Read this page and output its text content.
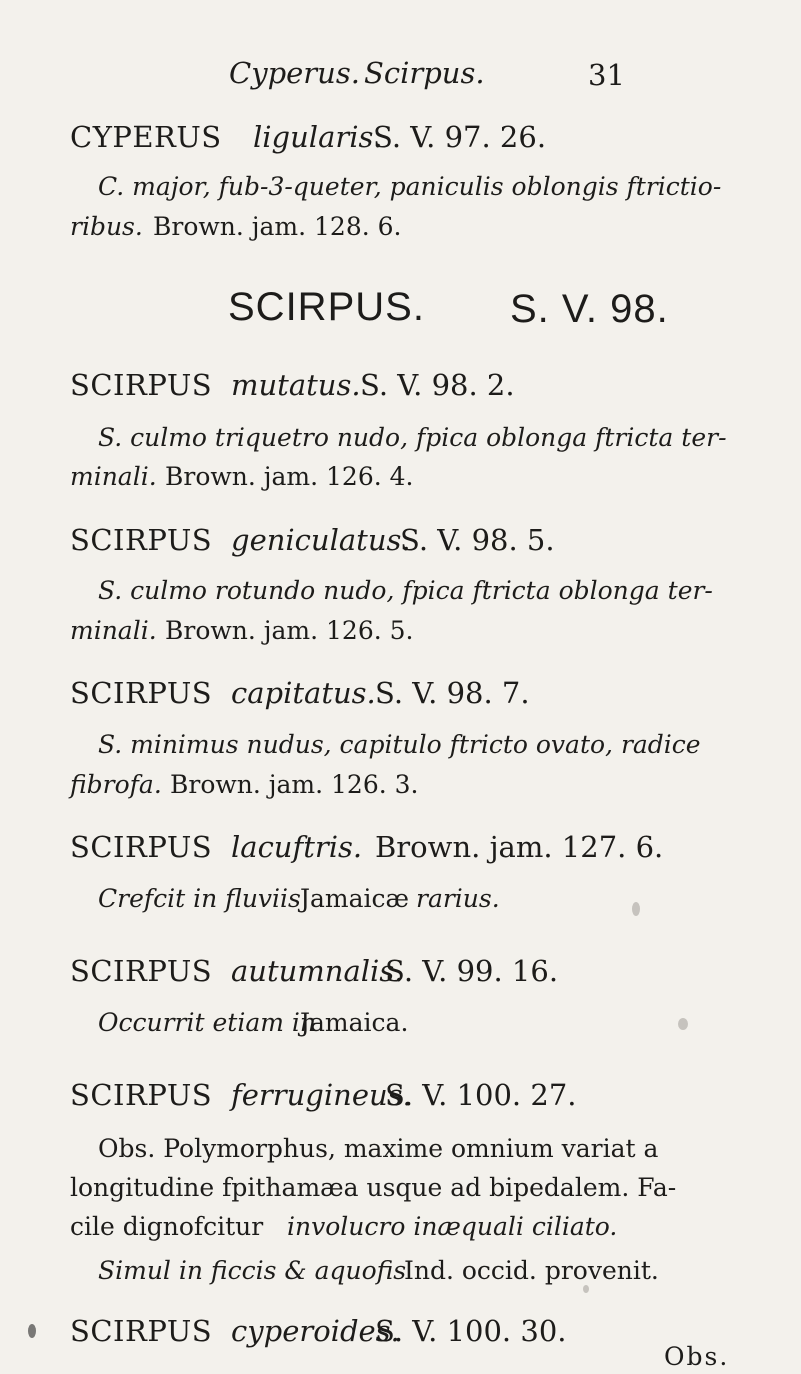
Cyperus. Scirpus.	31
CYPERUS ligularis.
S. V. 97. 26.
C. major, fub-3-queter, paniculis oblongis ftrictio-
ribus. Brown. jam. 128. 6.
SCIRPUS. S. V. 98.
SCIRPUS mutatus. S. V. 98. 2.
S. culmo triquetro nudo, fpica oblonga ftricta ter-
minali. Brown. jam. 126. 4.
SCIRPUS geniculatus.
S. V. 98. 5.
S. culmo rotundo nudo, fpica ftricta oblonga ter-
minali. Brown. jam. 126. 5.
SCIRPUS capitatus. S. V. 98. 7.
S. minimus nudus, capitulo ftricto ovato, radice
fibrofa. Brown. jam. 126. 3.
SCIRPUS lacuftris. Brown. jam. 127. 6.
Crefcit in fluviis Jamaicæ rarius.
SCIRPUS autumnalis.
S. V. 99. 16.
Occurrit etiam in
Jamaica.
SCIRPUS ferrugineus.
S. V. 100. 27.
Obs. Polymorphus, maxime omnium variat a
longitudine fpithamæa usque ad bipedalem. Fa-
cile dignofcitur involucro inæquali ciliato.
Simul in ficcis & aquofis
Ind. occid. provenit.
SCIRPUS cyperoides.
S. V. 100. 30.
Obs.
